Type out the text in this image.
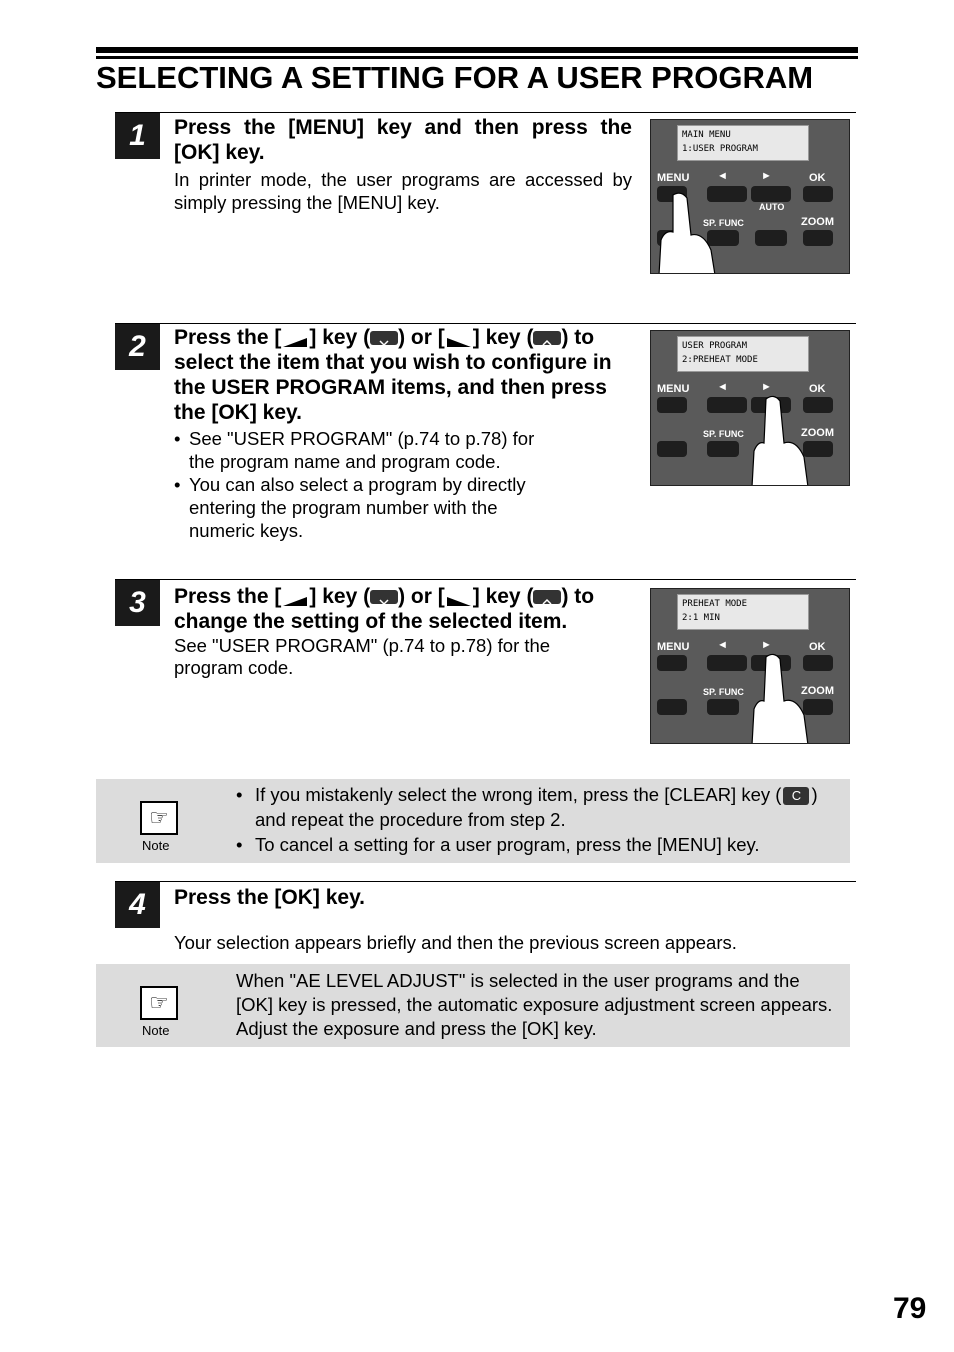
SELECTING A SETTING FOR A USER PROGRAM
1	Press the [MENU] key and then press the [OK] key.
In printer mode, the user programs are accessed by simply pressing the [MENU] key.
MAIN MENU
1:USER PROGRAM
MENU	◄	►	OK
SP. FUNC
AUTO
ZOOM
2	Press the [ ] key ( ) or [ ] key ( ) to select the item that you wish to configure in the USER PROGRAM items, and then press the [OK] key.
• See "USER PROGRAM" (p.74 to p.78) for the program name and program code.
• You can also select a program by directly entering the program number with the numeric keys.
USER PROGRAM
2:PREHEAT MODE
MENU	◄	►	OK
SP. FUNC	ZOOM
3	Press the [ ] key ( ) or [ ] key ( ) to change the setting of the selected item.
See "USER PROGRAM" (p.74 to p.78) for the program code.
PREHEAT MODE
2:1 MIN
MENU	◄	►	OK
SP. FUNC	ZOOM
☞
Note
• If you mistakenly select the wrong item, press the [CLEAR] key ( C ) and repeat the procedure from step 2.
• To cancel a setting for a user program, press the [MENU] key.
4	Press the [OK] key.
Your selection appears briefly and then the previous screen appears.
☞
Note
When "AE LEVEL ADJUST" is selected in the user programs and the [OK] key is pressed, the automatic exposure adjustment screen appears. Adjust the exposure and press the [OK] key.
79
